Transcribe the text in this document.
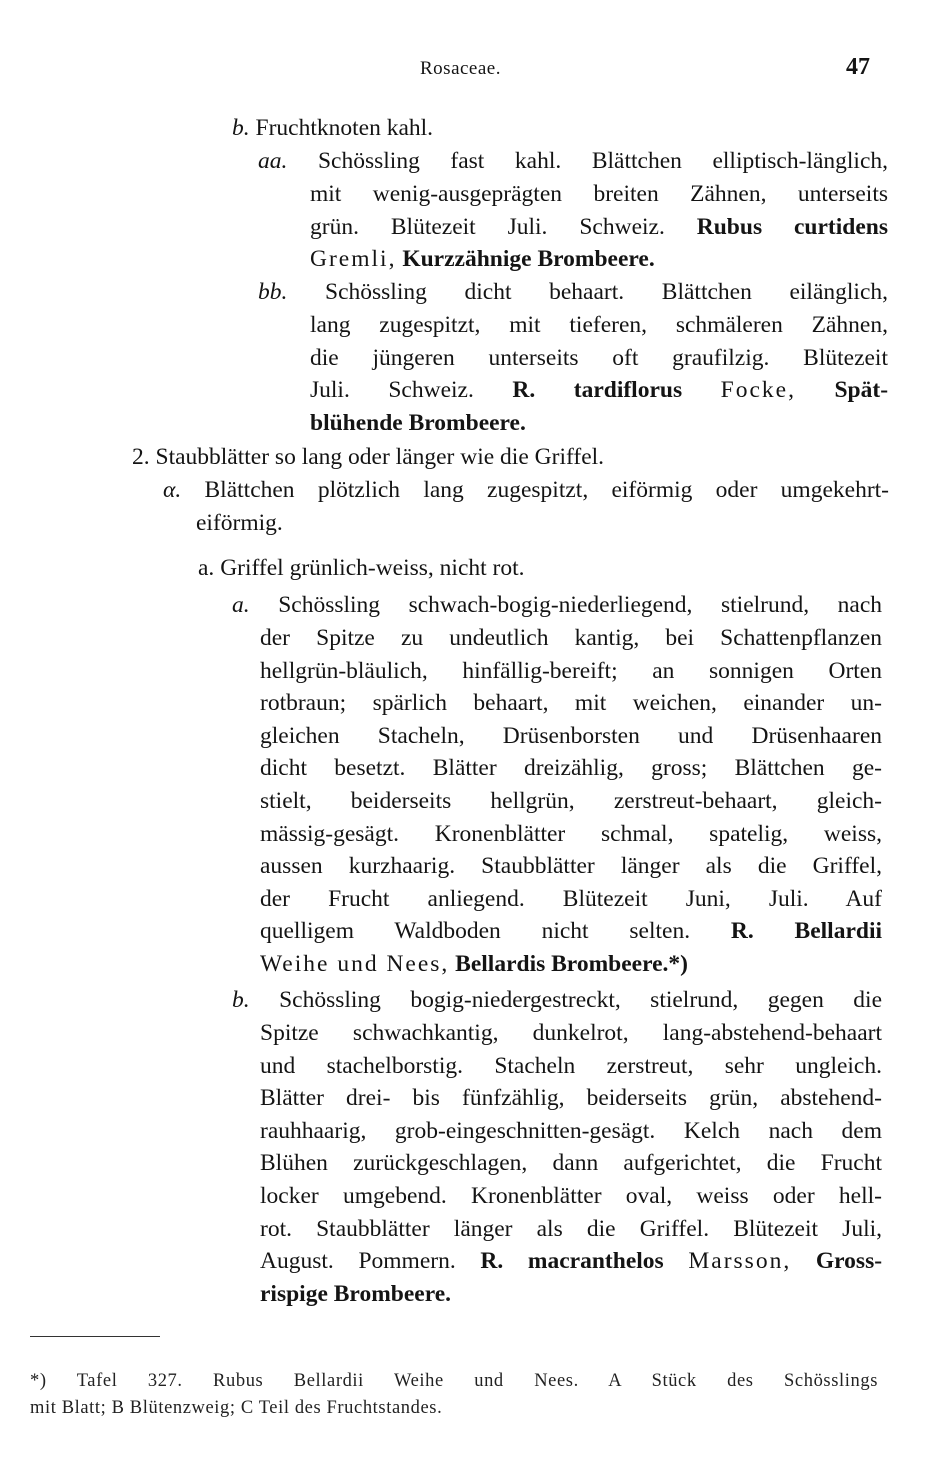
Rosaceae.	47
b. Fruchtknoten kahl.
aa. Schössling fast kahl. Blättchen elliptisch-länglich,
mit wenig-ausgeprägten breiten Zähnen, unterseits
grün. Blütezeit Juli. Schweiz. Rubus curtidens
Gremli, Kurzzähnige Brombeere.
bb. Schössling dicht behaart. Blättchen eilänglich,
lang zugespitzt, mit tieferen, schmäleren Zähnen,
die jüngeren unterseits oft graufilzig. Blütezeit
Juli. Schweiz. R. tardiflorus Focke, Spät-
blühende Brombeere.
2. Staubblätter so lang oder länger wie die Griffel.
α. Blättchen plötzlich lang zugespitzt, eiförmig oder umgekehrt-
eiförmig.
a. Griffel grünlich-weiss, nicht rot.
a. Schössling schwach-bogig-niederliegend, stielrund, nach
der Spitze zu undeutlich kantig, bei Schattenpflanzen
hellgrün-bläulich, hinfällig-bereift; an sonnigen Orten
rotbraun; spärlich behaart, mit weichen, einander un-
gleichen Stacheln, Drüsenborsten und Drüsenhaaren
dicht besetzt. Blätter dreizählig, gross; Blättchen ge-
stielt, beiderseits hellgrün, zerstreut-behaart, gleich-
mässig-gesägt. Kronenblätter schmal, spatelig, weiss,
aussen kurzhaarig. Staubblätter länger als die Griffel,
der Frucht anliegend. Blütezeit Juni, Juli. Auf
quelligem Waldboden nicht selten. R. Bellardii
Weihe und Nees, Bellardis Brombeere.*)
b. Schössling bogig-niedergestreckt, stielrund, gegen die
Spitze schwachkantig, dunkelrot, lang-abstehend-behaart
und stachelborstig. Stacheln zerstreut, sehr ungleich.
Blätter drei- bis fünfzählig, beiderseits grün, abstehend-
rauhhaarig, grob-eingeschnitten-gesägt. Kelch nach dem
Blühen zurückgeschlagen, dann aufgerichtet, die Frucht
locker umgebend. Kronenblätter oval, weiss oder hell-
rot. Staubblätter länger als die Griffel. Blütezeit Juli,
August. Pommern. R. macranthelos Marsson, Gross-
rispige Brombeere.
*) Tafel 327. Rubus Bellardii Weihe und Nees. A Stück des Schösslings
mit Blatt; B Blütenzweig; C Teil des Fruchtstandes.
